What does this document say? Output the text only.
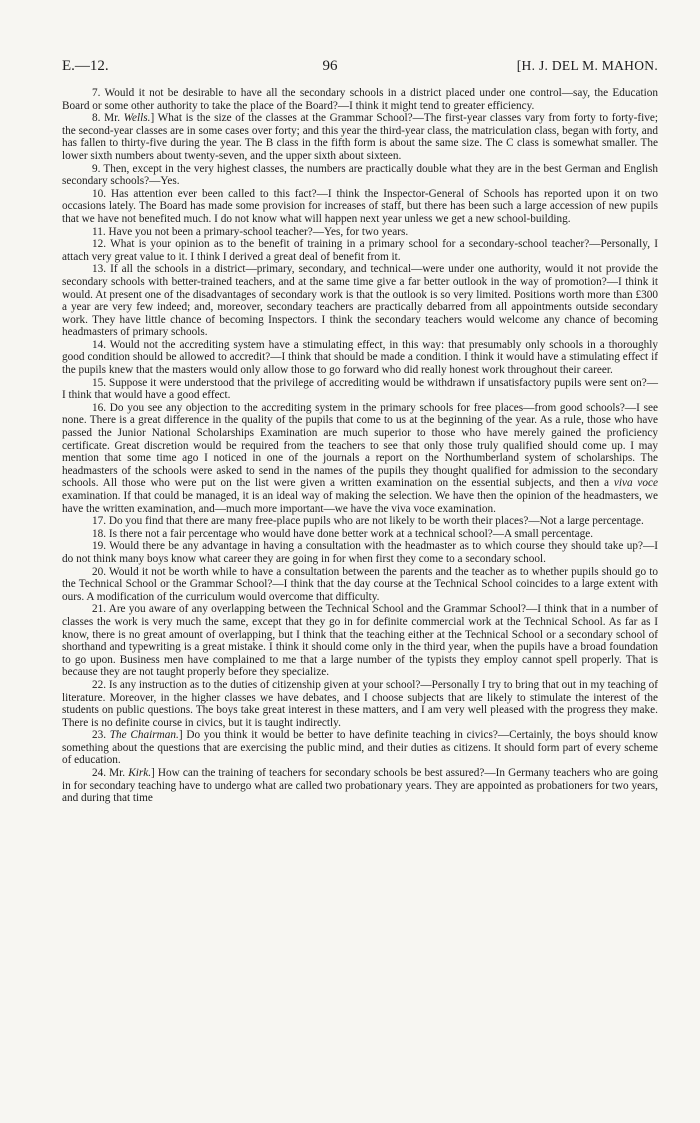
E.—12.	96	[H. J. DEL M. MAHON.

7. Would it not be desirable to have all the secondary schools in a district placed under one control—say, the Education Board or some other authority to take the place of the Board?—I think it might tend to greater efficiency.

8. Mr. Wells.] What is the size of the classes at the Grammar School?—The first-year classes vary from forty to forty-five; the second-year classes are in some cases over forty; and this year the third-year class, the matriculation class, began with forty, and has fallen to thirty-five during the year. The B class in the fifth form is about the same size. The C class is somewhat smaller. The lower sixth numbers about twenty-seven, and the upper sixth about sixteen.

9. Then, except in the very highest classes, the numbers are practically double what they are in the best German and English secondary schools?—Yes.

10. Has attention ever been called to this fact?—I think the Inspector-General of Schools has reported upon it on two occasions lately. The Board has made some provision for increases of staff, but there has been such a large accession of new pupils that we have not benefited much. I do not know what will happen next year unless we get a new school-building.

11. Have you not been a primary-school teacher?—Yes, for two years.

12. What is your opinion as to the benefit of training in a primary school for a secondary-school teacher?—Personally, I attach very great value to it. I think I derived a great deal of benefit from it.

13. If all the schools in a district—primary, secondary, and technical—were under one authority, would it not provide the secondary schools with better-trained teachers, and at the same time give a far better outlook in the way of promotion?—I think it would. At present one of the disadvantages of secondary work is that the outlook is so very limited. Positions worth more than £300 a year are very few indeed; and, moreover, secondary teachers are practically debarred from all appointments outside secondary work. They have little chance of becoming Inspectors. I think the secondary teachers would welcome any chance of becoming headmasters of primary schools.

14. Would not the accrediting system have a stimulating effect, in this way: that presumably only schools in a thoroughly good condition should be allowed to accredit?—I think that should be made a condition. I think it would have a stimulating effect if the pupils knew that the masters would only allow those to go forward who did really honest work throughout their career.

15. Suppose it were understood that the privilege of accrediting would be withdrawn if unsatisfactory pupils were sent on?—I think that would have a good effect.

16. Do you see any objection to the accrediting system in the primary schools for free places—from good schools?—I see none. There is a great difference in the quality of the pupils that come to us at the beginning of the year. As a rule, those who have passed the Junior National Scholarships Examination are much superior to those who have merely gained the proficiency certificate. Great discretion would be required from the teachers to see that only those truly qualified should come up. I may mention that some time ago I noticed in one of the journals a report on the Northumberland system of scholarships. The headmasters of the schools were asked to send in the names of the pupils they thought qualified for admission to the secondary schools. All those who were put on the list were given a written examination on the essential subjects, and then a viva voce examination. If that could be managed, it is an ideal way of making the selection. We have then the opinion of the headmasters, we have the written examination, and—much more important—we have the viva voce examination.

17. Do you find that there are many free-place pupils who are not likely to be worth their places?—Not a large percentage.

18. Is there not a fair percentage who would have done better work at a technical school?—A small percentage.

19. Would there be any advantage in having a consultation with the headmaster as to which course they should take up?—I do not think many boys know what career they are going in for when first they come to a secondary school.

20. Would it not be worth while to have a consultation between the parents and the teacher as to whether pupils should go to the Technical School or the Grammar School?—I think that the day course at the Technical School coincides to a large extent with ours. A modification of the curriculum would overcome that difficulty.

21. Are you aware of any overlapping between the Technical School and the Grammar School?—I think that in a number of classes the work is very much the same, except that they go in for definite commercial work at the Technical School. As far as I know, there is no great amount of overlapping, but I think that the teaching either at the Technical School or a secondary school of shorthand and typewriting is a great mistake. I think it should come only in the third year, when the pupils have a broad foundation to go upon. Business men have complained to me that a large number of the typists they employ cannot spell properly. That is because they are not taught properly before they specialize.

22. Is any instruction as to the duties of citizenship given at your school?—Personally I try to bring that out in my teaching of literature. Moreover, in the higher classes we have debates, and I choose subjects that are likely to stimulate the interest of the students on public questions. The boys take great interest in these matters, and I am very well pleased with the progress they make. There is no definite course in civics, but it is taught indirectly.

23. The Chairman.] Do you think it would be better to have definite teaching in civics?—Certainly, the boys should know something about the questions that are exercising the public mind, and their duties as citizens. It should form part of every scheme of education.

24. Mr. Kirk.] How can the training of teachers for secondary schools be best assured?—In Germany teachers who are going in for secondary teaching have to undergo what are called two probationary years. They are appointed as probationers for two years, and during that time
